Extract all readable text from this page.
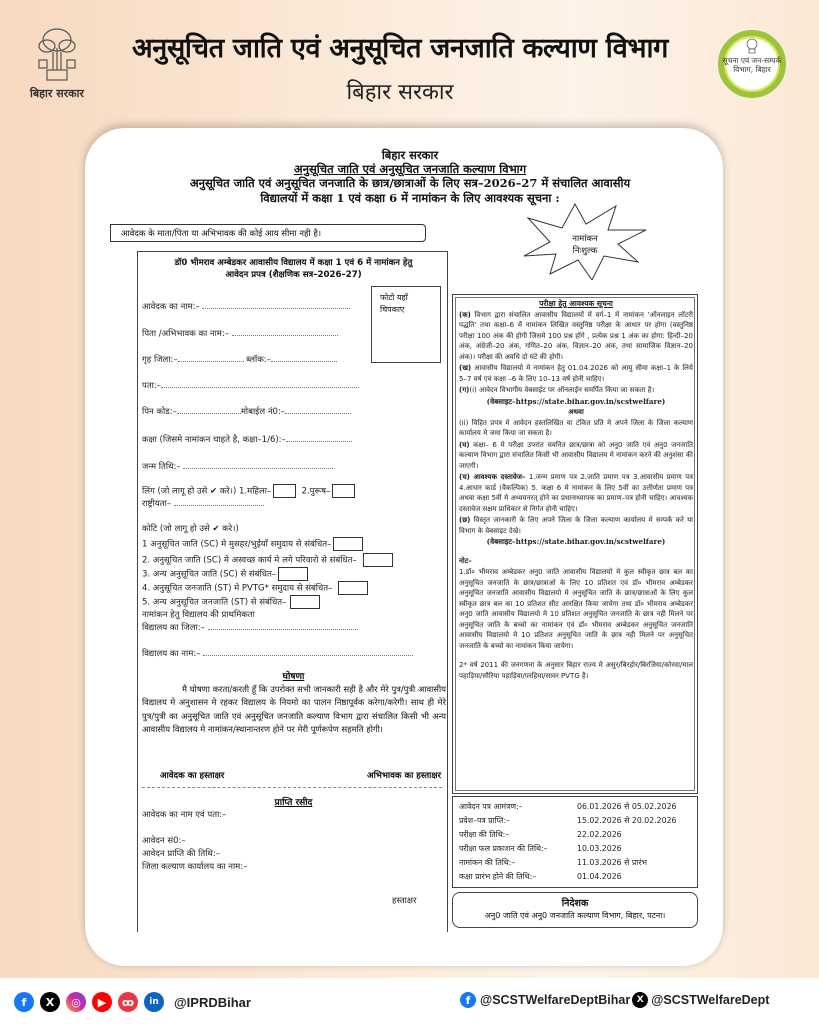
बिहार सरकार
अनुसूचित जाति एवं अनुसूचित जनजाति कल्याण विभाग
बिहार सरकार
सूचना एवं जन-सम्पर्क विभाग, बिहार
बिहार सरकार
अनुसूचित जाति एवं अनुसूचित जनजाति कल्याण विभाग
अनुसूचित जाति एवं अनुसूचित जनजाति के छात्र/छात्राओं के लिए सत्र–2026–27 में संचालित आवासीय
विद्यालयों में कक्षा 1 एवं कक्षा 6 में नामांकन के लिए आवश्यक सूचना :
आवेदक के माता/पिता या अभिभावक की कोई आय सीमा नही है।	नामांकन
निःशुल्क
डॉ0 भीमराव अम्बेडकर आवासीय विद्यालय में कक्षा 1 एवं 6 में नामांकन हेतु
आवेदन प्रपत्र (शैक्षणिक सत्र–2026–27)
फोटो यहाँ चिपकाए
आवेदक का नाम:–
पिता /अभिभावक का नाम:–
गृह जिला:–	ब्लॉक:–
पता:–
पिन कोड:–	मोबाईल नं0:–
कक्षा (जिसमे नामांकन चाहते है, कक्षा–1/6):–
जन्म तिथि:–
लिंग (जो लागू हो उसे ✔ करे।) 1.महिला–	2.पुरूष–
राष्ट्रीयता–
कोटि (जो लागू हो उसे ✔ करे।)
1 अनुसूचित जाति (SC) मे मुसहर/भुईयाँ समुदाय से संबंधित–
2. अनुसूचित जाति (SC) मे अस्वच्छ कार्य मे लगे परिवारो से संबंधित–
3. अन्य अनुसूचित जाति (SC) से संबंधित–
4. अनुसूचित जनजाति (ST) मे PVTG* समुदाय से संबंधित–
5. अन्य अनुसूचित जनजाति (ST) से संबंधित–
नामांकन हेतु विद्यालय की प्राथमिकता
विद्यालय का जिला:–
विद्यालय का नाम:–
घोषणा
मै घोषणा करता/करती हूँ कि उपरोक्त सभी जानकारी सही है और मेरे पुत्र/पुत्री आवासीय विद्यालय मे अनुशासन मे रहकर विद्यालय के नियमो का पालन निष्ठापूर्वक करेगा/करेगी। साथ ही मेरे पुत्र/पुत्री का अनुसूचित जाति एवं अनुसूचित जनजाति कल्याण विभाग द्वारा संचालित किसी भी अन्य आवासीय विद्यालय मे नामांकन/स्थानान्तरण होने पर मेरी पूर्णरूपेण सहमति होगी।
आवेदक का हस्ताक्षर	अभिभावक का हस्ताक्षर
प्राप्ति रसीद
आवेदक का नाम एवं पता:–
आवेदन सं0:–
आवेदन प्राप्ति की तिथि:–
जिला कल्याण कार्यालय का नाम:–
हस्ताक्षर
परीक्षा हेतु आवश्यक सूचना

(क) विभाग द्वारा संचालित आवासीय विद्यालयों में वर्ग–1 में नामांकन 'ऑनलाइन लॉटरी पद्धति' तथा कक्षा–6 में नामांकन लिखित वस्तुनिष्ठ परीक्षा के आधार पर होगा (वस्तुनिष्ठ परीक्षा 100 अंक की होगी जिसमे 100 प्रश्न होंगे , प्रत्येक प्रश्न 1 अंक का होगा: हिन्दी–20 अंक, अंग्रेजी–20 अंक, गणित–20 अंक, विज्ञान–20 अंक, तथा सामाजिक विज्ञान–20 अंक)। परीक्षा की अवधि दो घंटे की होगी।

(ख) आवासीय विद्यालयो मे नामांकन हेतु 01.04.2026 को आयु सीमा कक्षा–1 के लिये 5–7 वर्ष एवं कक्षा –6 के लिए 10–13 वर्ष होनी चाहिए।

(ग)(i) आवेदन विभागीय वेबसाईट पर ऑनलाईन समर्पित किया जा सकता है।

(वेबसाइट–https://state.bihar.gov.in/scstwelfare)
अथवा

(ii) विहित प्रपत्र मे आवेदन हस्तलिखित या टंकित प्रति मे अपने जिला के जिला कल्याण कार्यालय मे जमा किया जा सकता है।

(घ) कक्षा– 6 मे परीक्षा उपरांत चयनित छात्र/छात्रा को अनु0 जाति एवं अनु0 जनजाति कल्याण विभाग द्वारा संचालित किसी भी आवासीय विद्यालय मे नामांकन करने की अनुशंसा की जाएगी।

(च) आवश्यक दस्तावेज– 1.जन्म प्रमाण पत्र 2.जाति प्रमाण पत्र 3.आवासीय प्रमाण पत्र 4.आधार कार्ड (वैकल्पिक) 5. कक्षा 6 मे नामांकन के लिए 5वीं का उत्तीर्णता प्रमाण पत्र अथवा कक्षा 5वीं मे अध्ययनरत् होने का प्रधानाध्यापक का प्रमाण–पत्र होनी चाहिए। आवश्यक दस्तावेज सक्षम प्राधिकार से निर्गत होनी चाहिए।

(छ) विस्तृत जानकारी के लिए अपने जिला के जिला कल्याण कार्यालय मे सम्पर्क करे या विभाग के वेबसाइट देखे।

(वेबसाइट–https://state.bihar.gov.in/scstwelfare)

नोट–

1.डॉ० भीमराव अम्बेडकर अनु0 जाति आवासीय विद्यालयो मे कुल स्वीकृत छात्र बल का अनुसूचित जनजाति के छात्र/छात्राओ के लिए 10 प्रतिशत एवं डॉ० भीमराव अम्बेडकर अनुसूचित जनजाति आवासीय विद्यालयो मे अनुसूचित जाति के छात्र/छात्राओं के लिए कुल स्वीकृत छात्र बल का 10 प्रतिशत सीट आरक्षित किया जायेगा तथा डॉ० भीमराव अम्बेडकर अनु0 जाति आवासीय विद्यालयो मे 10 प्रतिशत अनुसूचित जनजाति के छात्र नही मिलने पर अनुसूचित जाति के बच्चो का नामांकन एवं डॉ० भीमराव अम्बेडकर अनुसूचित जनजाति आवासीय विद्यालयो मे 10 प्रतिशत अनुसूचित जाति के छात्र नही मिलने पर अनुसूचित जनजाति के बच्चो का नामांकन किया जायेगा।

2* वर्ष 2011 की जनगणना के अनुसार बिहार राज्य मे असुर/बिरहोर/बिरजिया/कोरवा/माल पहाड़िया/सौरिया पहाड़िया/परहिया/सावर PVTG है।

आवेदन पत्र आमंत्रण:–	06.01.2026 से 05.02.2026
प्रवेश–पत्र प्राप्ति:–	15.02.2026 से 20.02.2026
परीक्षा की तिथि:–	22.02.2026
परीक्षा फल प्रकाशन की तिथि:–	10.03.2026
नामांकन की तिथि:–	11.03.2026 से प्रारंभ
कक्षा प्रारंभ होने की तिथि:–	01.04.2026
निदेशक
अनु0 जाति एवं अनु0 जनजाति कल्याण विभाग, बिहार, पटना।
f	X	◎	▶	ꝏ	in	@IPRDBihar	f @SCSTWelfareDeptBihar X @SCSTWelfareDept
